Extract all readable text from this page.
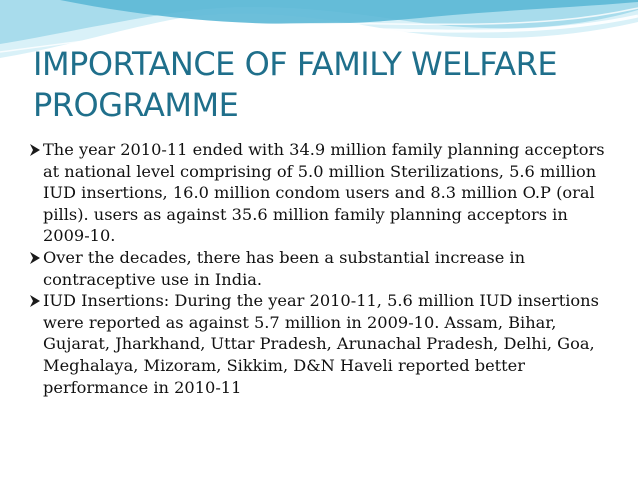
IMPORTANCE OF FAMILY WELFARE PROGRAMME
The year 2010-11 ended with 34.9 million family planning acceptors at national level comprising of 5.0 million Sterilizations, 5.6 million IUD insertions, 16.0 million condom users and 8.3 million O.P (oral pills). users as against 35.6 million family planning acceptors in 2009-10.
Over the decades, there has been a substantial increase in contraceptive use in India.
IUD Insertions: During the year 2010-11, 5.6 million IUD insertions were reported as against 5.7 million in 2009-10. Assam, Bihar, Gujarat, Jharkhand, Uttar Pradesh, Arunachal Pradesh, Delhi, Goa, Meghalaya, Mizoram, Sikkim, D&N Haveli reported better performance in 2010-11
